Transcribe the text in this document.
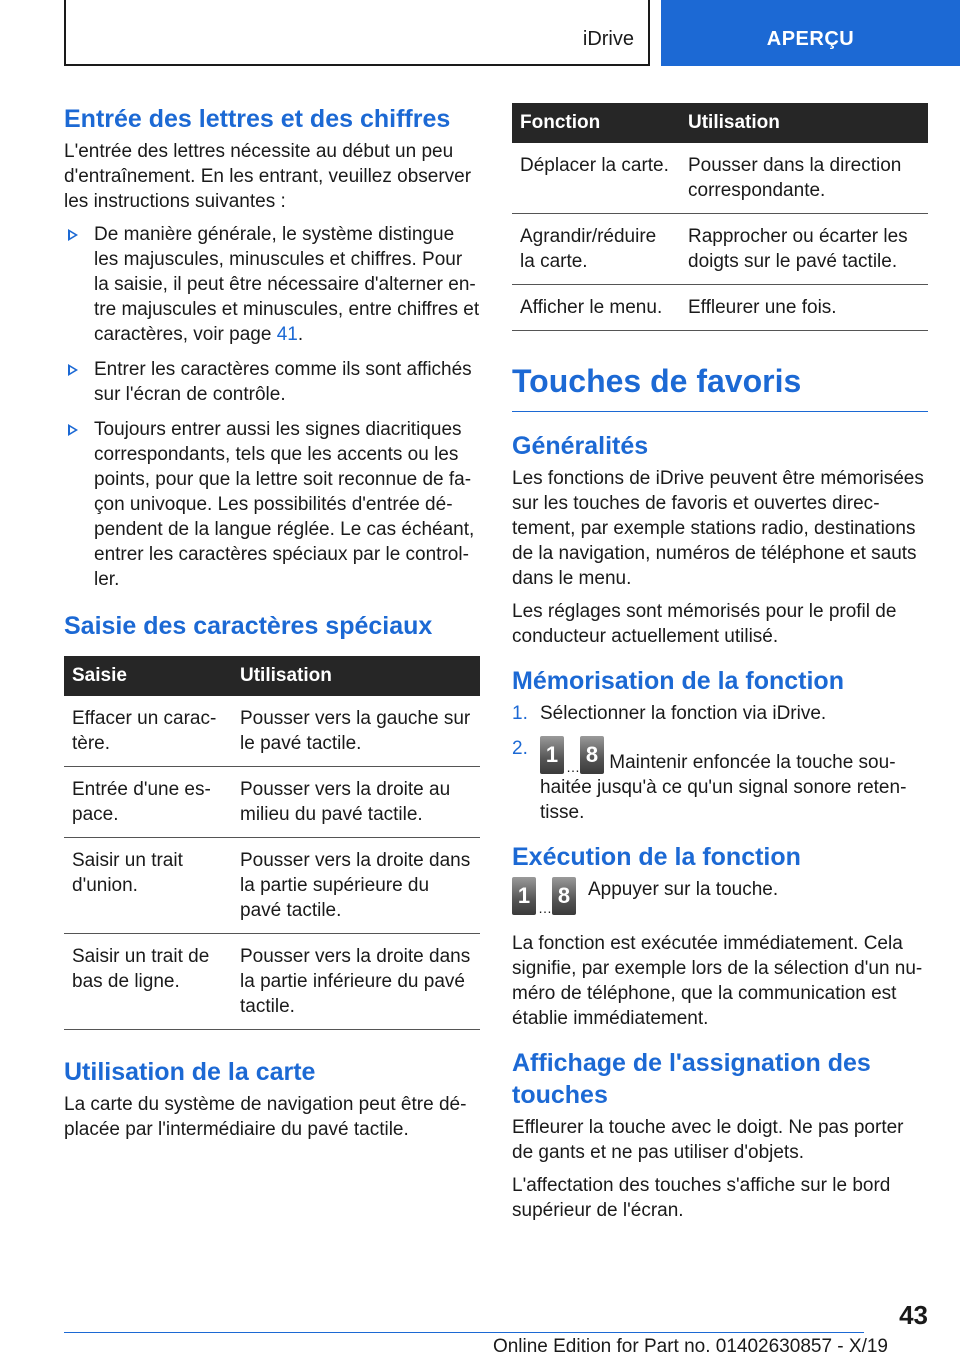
iDrive	APERÇU
Entrée des lettres et des chiffres

L'entrée des lettres nécessite au début un peu d'entraînement. En les entrant, veuillez observer les instructions suivantes :

De manière générale, le système distingue les majuscules, minuscules et chiffres. Pour la saisie, il peut être nécessaire d'alterner entre majuscules et minuscules, entre chiffres et caractères, voir page 41.
Entrer les caractères comme ils sont affichés sur l'écran de contrôle.
Toujours entrer aussi les signes diacritiques correspondants, tels que les accents ou les points, pour que la lettre soit reconnue de façon univoque. Les possibilités d'entrée dépendent de la langue réglée. Le cas échéant, entrer les caractères spéciaux par le controller.
Saisie des caractères spéciaux
Saisie	Utilisation
Effacer un caractère.	Pousser vers la gauche sur le pavé tactile.
Entrée d'une espace.	Pousser vers la droite au milieu du pavé tactile.
Saisir un trait d'union.	Pousser vers la droite dans la partie supérieure du pavé tactile.
Saisir un trait de bas de ligne.	Pousser vers la droite dans la partie inférieure du pavé tactile.
Utilisation de la carte

La carte du système de navigation peut être déplacée par l'intermédiaire du pavé tactile.

Fonction	Utilisation
Déplacer la carte.	Pousser dans la direction correspondante.
Agrandir/réduire la carte.	Rapprocher ou écarter les doigts sur le pavé tactile.
Afficher le menu.	Effleurer une fois.
Touches de favoris
Généralités

Les fonctions de iDrive peuvent être mémorisées sur les touches de favoris et ouvertes directement, par exemple stations radio, destinations de la navigation, numéros de téléphone et sauts dans le menu.

Les réglages sont mémorisés pour le profil de conducteur actuellement utilisé.

Mémorisation de la fonction
1. Sélectionner la fonction via iDrive.
2. 1 … 8 Maintenir enfoncée la touche souhaitée jusqu'à ce qu'un signal sonore retentisse.
Exécution de la fonction
1 … 8 Appuyer sur la touche.

La fonction est exécutée immédiatement. Cela signifie, par exemple lors de la sélection d'un numéro de téléphone, que la communication est établie immédiatement.

Affichage de l'assignation des touches

Effleurer la touche avec le doigt. Ne pas porter de gants et ne pas utiliser d'objets.

L'affectation des touches s'affiche sur le bord supérieur de l'écran.

43
Online Edition for Part no. 01402630857 - X/19
